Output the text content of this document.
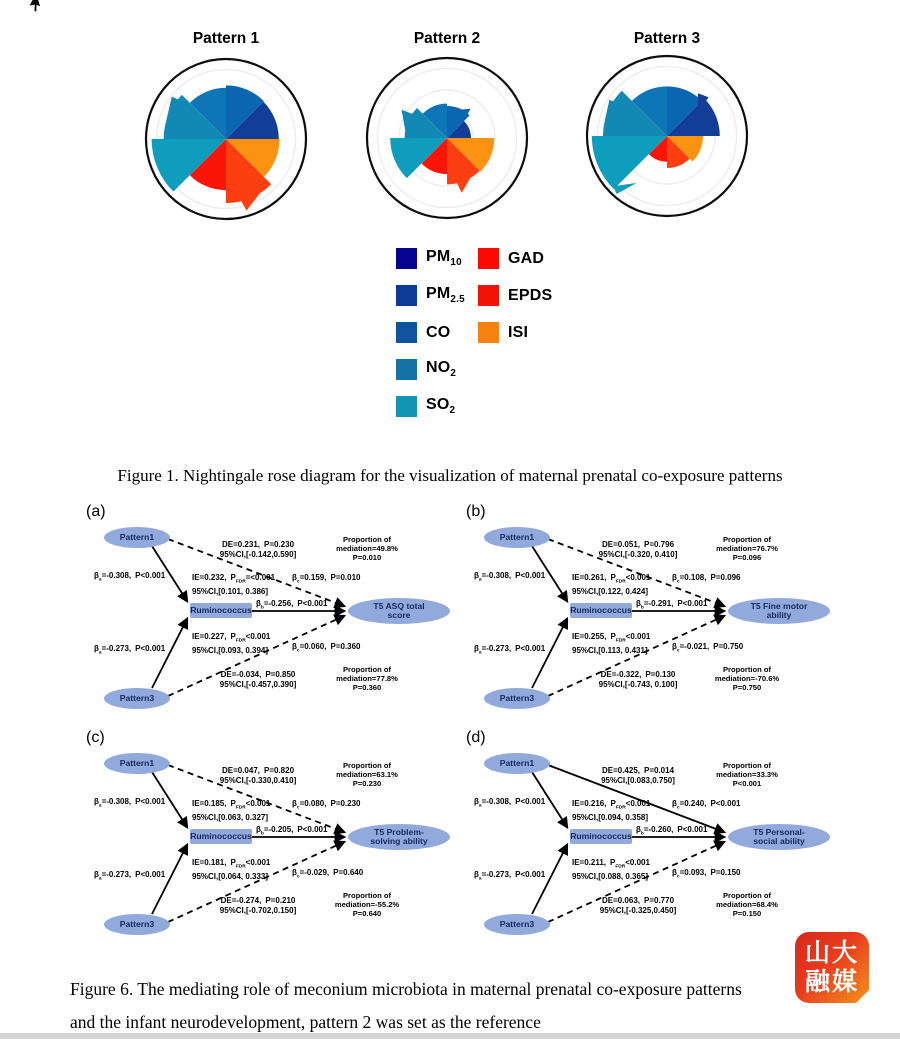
Pattern 1	Pattern 2	Pattern 3
$PM_{10}$
$PM_{2.5}$
CO
$NO_2$
$SO_2$
GAD
EPDS
ISI

Figure 1. Nightingale rose diagram for the visualization of maternal prenatal co-exposure patterns

(a)
Pattern1
Pattern3
Ruminococcus	T5 ASQ total
score
DE=0.231, P=0.230
95%CI,[-0.142,0.590]
Proportion of
mediation=49.8%
P=0.010
$\beta_a=-0.308$, P<0.001	IE=0.232, $P_{FDR}=<0.001$
95%CI,[0.101, 0.386]
$\beta_c=0.159$, P=0.010
$\beta_b=-0.256$, P<0.001
IE=0.227, $P_{FDR}<0.001$
95%CI,[0.093, 0.394]	$\beta_c=0.060$, P=0.360
$\beta_a=-0.273$, P<0.001
DE=-0.034, P=0.850
95%CI,[-0.457,0.390]
Proportion of
mediation=77.8%
P=0.360
(b)
Pattern1
Pattern3
Ruminococcus	T5 Fine motor
ability
DE=0.051, P=0.796
95%CI,[-0.320, 0.410]
Proportion of
mediation=76.7%
P=0.096
$\beta_a=-0.308$, P<0.001	IE=0.261, $P_{FDR}<0.001$
95%CI,[0.122, 0.424]
$\beta_c=0.108$, P=0.096
$\beta_b=-0.291$, P<0.001
IE=0.255, $P_{FDR}<0.001$
95%CI,[0.113, 0.431]	$\beta_c=-0.021$, P=0.750
$\beta_a=-0.273$, P<0.001
DE=-0.322, P=0.130
95%CI,[-0.743, 0.100]
Proportion of
mediation=-70.6%
P=0.750
(c)
Pattern1
Pattern3
Ruminococcus	T5 Problem-
solving ability
DE=0.047, P=0.820
95%CI,[-0.330,0.410]
Proportion of
mediation=63.1%
P=0.230
$\beta_a=-0.308$, P<0.001	IE=0.185, $P_{FDR}<0.001$
95%CI,[0.063, 0.327]
$\beta_c=0.080$, P=0.230
$\beta_b=-0.205$, P<0.001
IE=0.181, $P_{FDR}<0.001$
95%CI,[0.064, 0.333]	$\beta_c=-0.029$, P=0.640
$\beta_a=-0.273$, P<0.001
DE=-0.274, P=0.210
95%CI,[-0.702,0.150]
Proportion of
mediation=-55.2%
P=0.640
(d)
Pattern1
Pattern3
Ruminococcus	T5 Personal-
social ability
DE=0.425, P=0.014
95%CI,[0.083,0.750]
Proportion of
mediation=33.3%
P<0.001
$\beta_a=-0.308$, P<0.001	IE=0.216, $P_{FDR}<0.001$
95%CI,[0.094, 0.358]
$\beta_c=0.240$, P<0.001
$\beta_b=-0.260$, P<0.001
IE=0.211, $P_{FDR}<0.001$
95%CI,[0.088, 0.365]	$\beta_c=0.093$, P=0.150
$\beta_a=-0.273$, P<0.001
DE=0.063, P=0.770
95%CI,[-0.325,0.450]
Proportion of
mediation=68.4%
P=0.150

Figure 6. The mediating role of meconium microbiota in maternal prenatal co-exposure patterns
and the infant neurodevelopment, pattern 2 was set as the reference

山大
融媒
